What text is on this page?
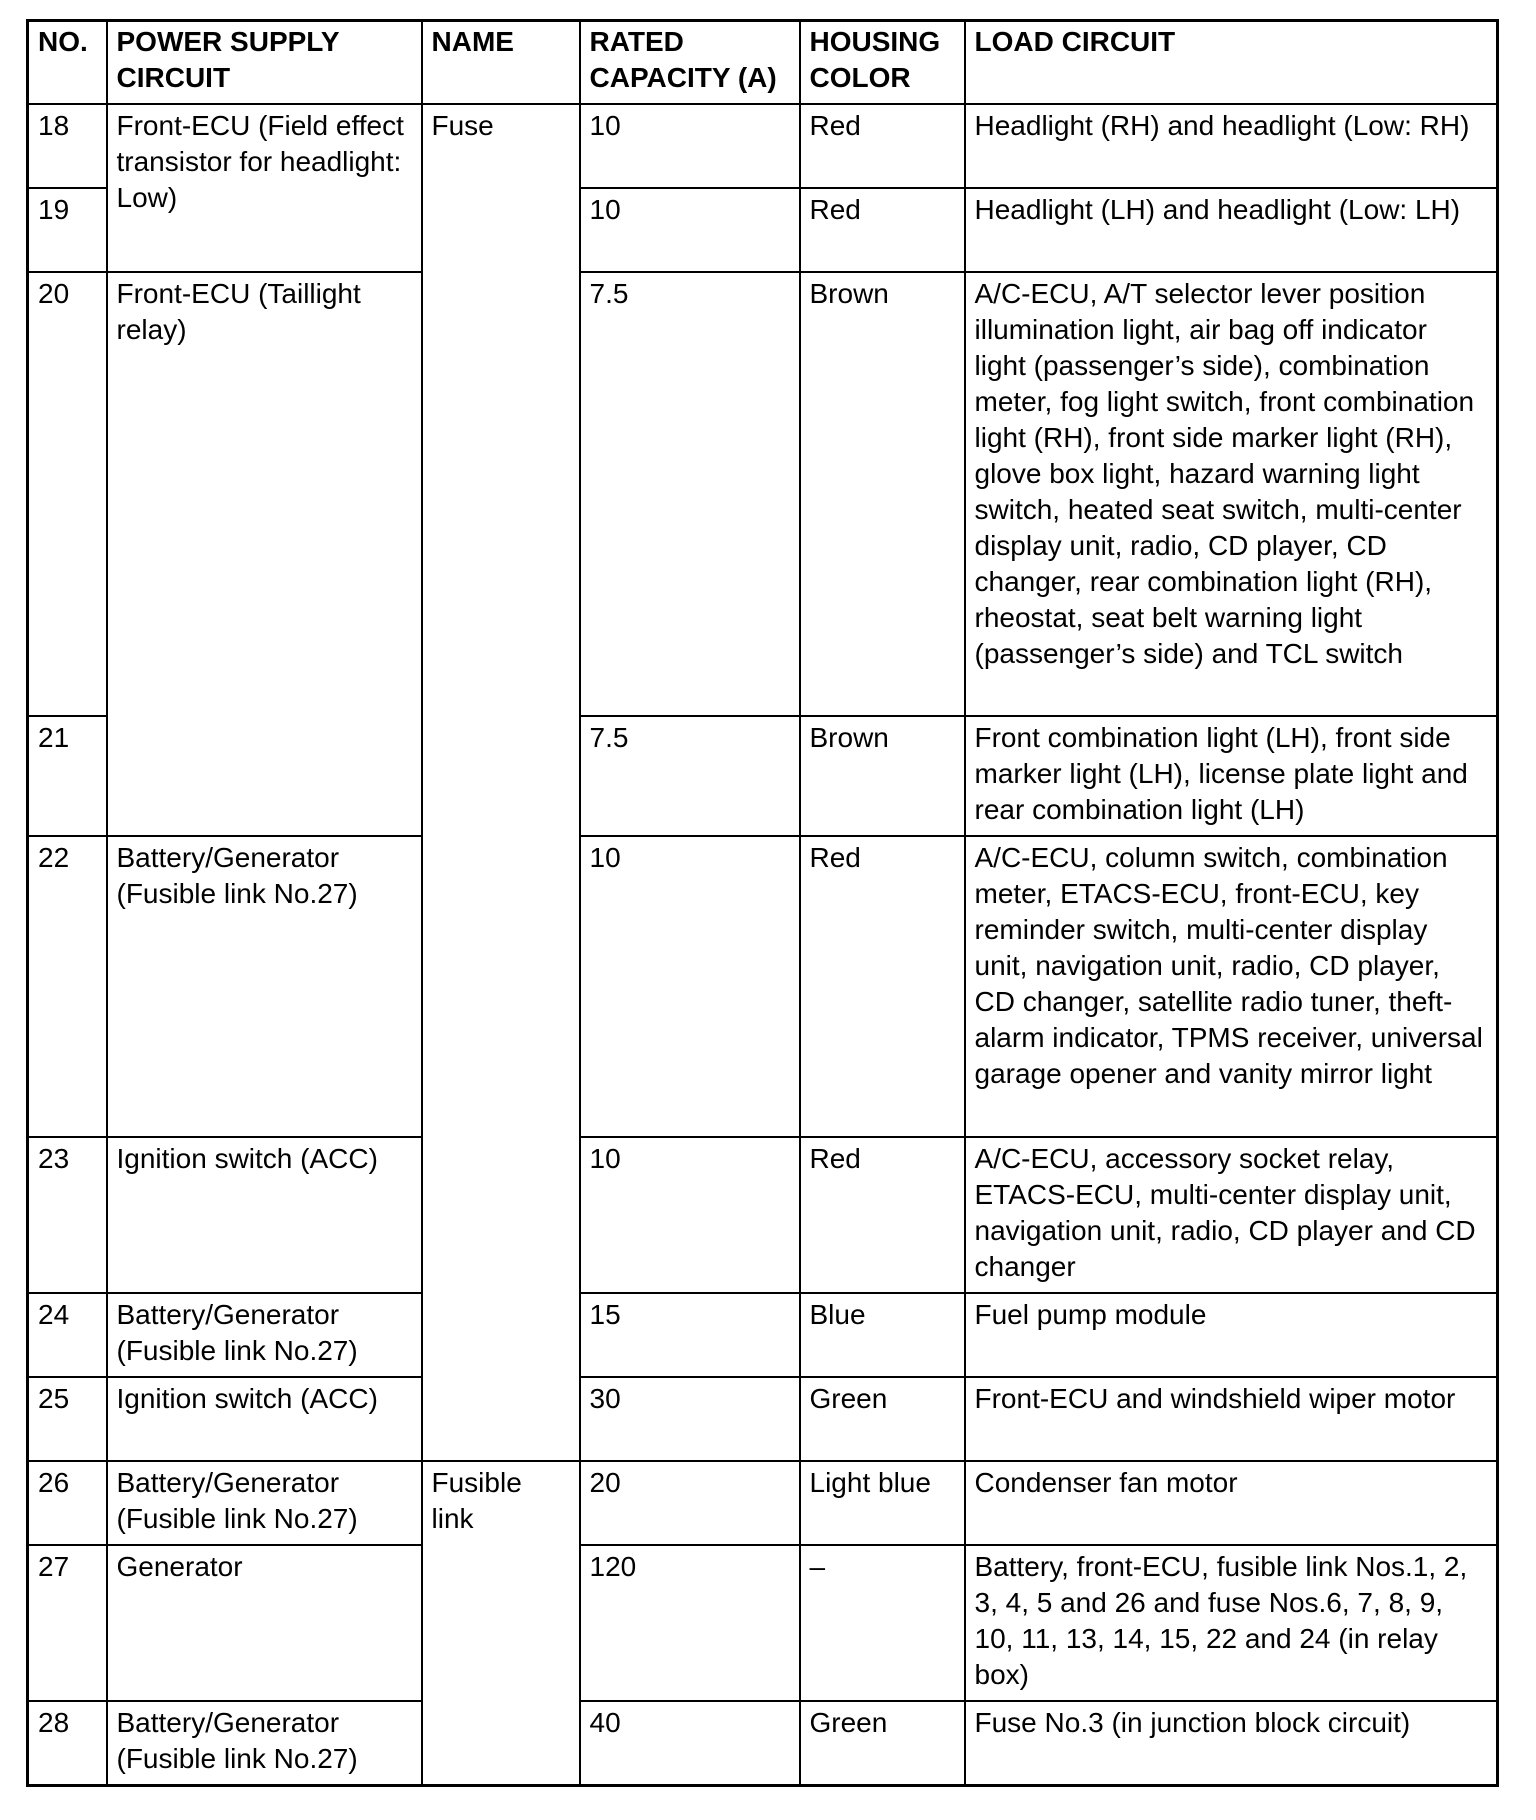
NO.	POWER SUPPLY CIRCUIT	NAME	RATED CAPACITY (A)	HOUSING COLOR	LOAD CIRCUIT
18	Front-ECU (Field effect transistor for headlight: Low)	Fuse	10	Red	Headlight (RH) and headlight (Low: RH)
19			10	Red	Headlight (LH) and headlight (Low: LH)
20	Front-ECU (Taillight relay)		7.5	Brown	A/C-ECU, A/T selector lever position illumination light, air bag off indicator light (passenger’s side), combination meter, fog light switch, front combination light (RH), front side marker light (RH), glove box light, hazard warning light switch, heated seat switch, multi-center display unit, radio, CD player, CD changer, rear combination light (RH), rheostat, seat belt warning light (passenger’s side) and TCL switch
21			7.5	Brown	Front combination light (LH), front side marker light (LH), license plate light and rear combination light (LH)
22	Battery/Generator (Fusible link No.27)		10	Red	A/C-ECU, column switch, combination meter, ETACS-ECU, front-ECU, key reminder switch, multi-center display unit, navigation unit, radio, CD player, CD changer, satellite radio tuner, theft-alarm indicator, TPMS receiver, universal garage opener and vanity mirror light
23	Ignition switch (ACC)		10	Red	A/C-ECU, accessory socket relay, ETACS-ECU, multi-center display unit, navigation unit, radio, CD player and CD changer
24	Battery/Generator (Fusible link No.27)		15	Blue	Fuel pump module
25	Ignition switch (ACC)		30	Green	Front-ECU and windshield wiper motor
26	Battery/Generator (Fusible link No.27)	Fusible link	20	Light blue	Condenser fan motor
27	Generator		120	–	Battery, front-ECU, fusible link Nos.1, 2, 3, 4, 5 and 26 and fuse Nos.6, 7, 8, 9, 10, 11, 13, 14, 15, 22 and 24 (in relay box)
28	Battery/Generator (Fusible link No.27)		40	Green	Fuse No.3 (in junction block circuit)
